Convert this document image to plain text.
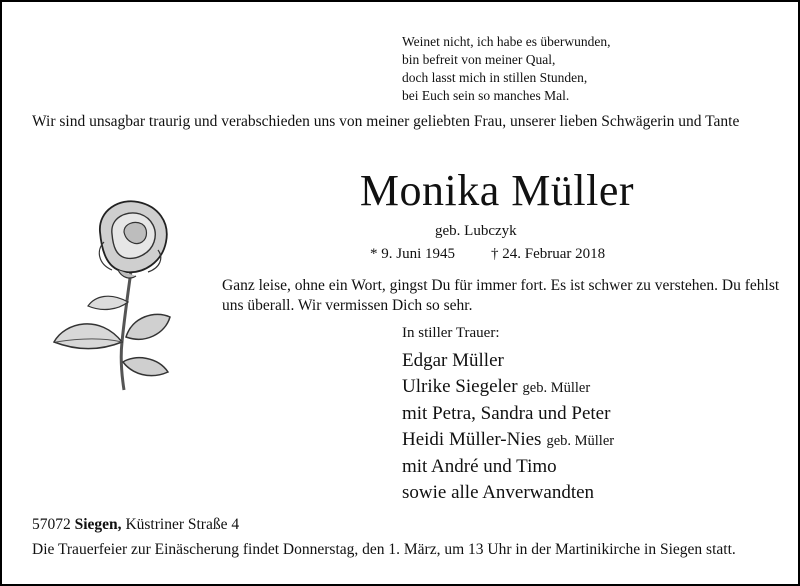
Weinet nicht, ich habe es überwunden,
bin befreit von meiner Qual,
doch lasst mich in stillen Stunden,
bei Euch sein so manches Mal.
Wir sind unsagbar traurig und verabschieden uns von meiner geliebten Frau, unserer lieben Schwägerin und Tante
Monika Müller
geb. Lubczyk
* 9. Juni 1945 † 24. Februar 2018
Ganz leise, ohne ein Wort, gingst Du für immer fort. Es ist schwer zu verstehen. Du fehlst uns überall. Wir vermissen Dich so sehr.
In stiller Trauer:
Edgar Müller
Ulrike Siegeler geb. Müller
mit Petra, Sandra und Peter
Heidi Müller-Nies geb. Müller
mit André und Timo
sowie alle Anverwandten
57072 Siegen, Küstriner Straße 4
Die Trauerfeier zur Einäscherung findet Donnerstag, den 1. März, um 13 Uhr in der Martinikirche in Siegen statt.
